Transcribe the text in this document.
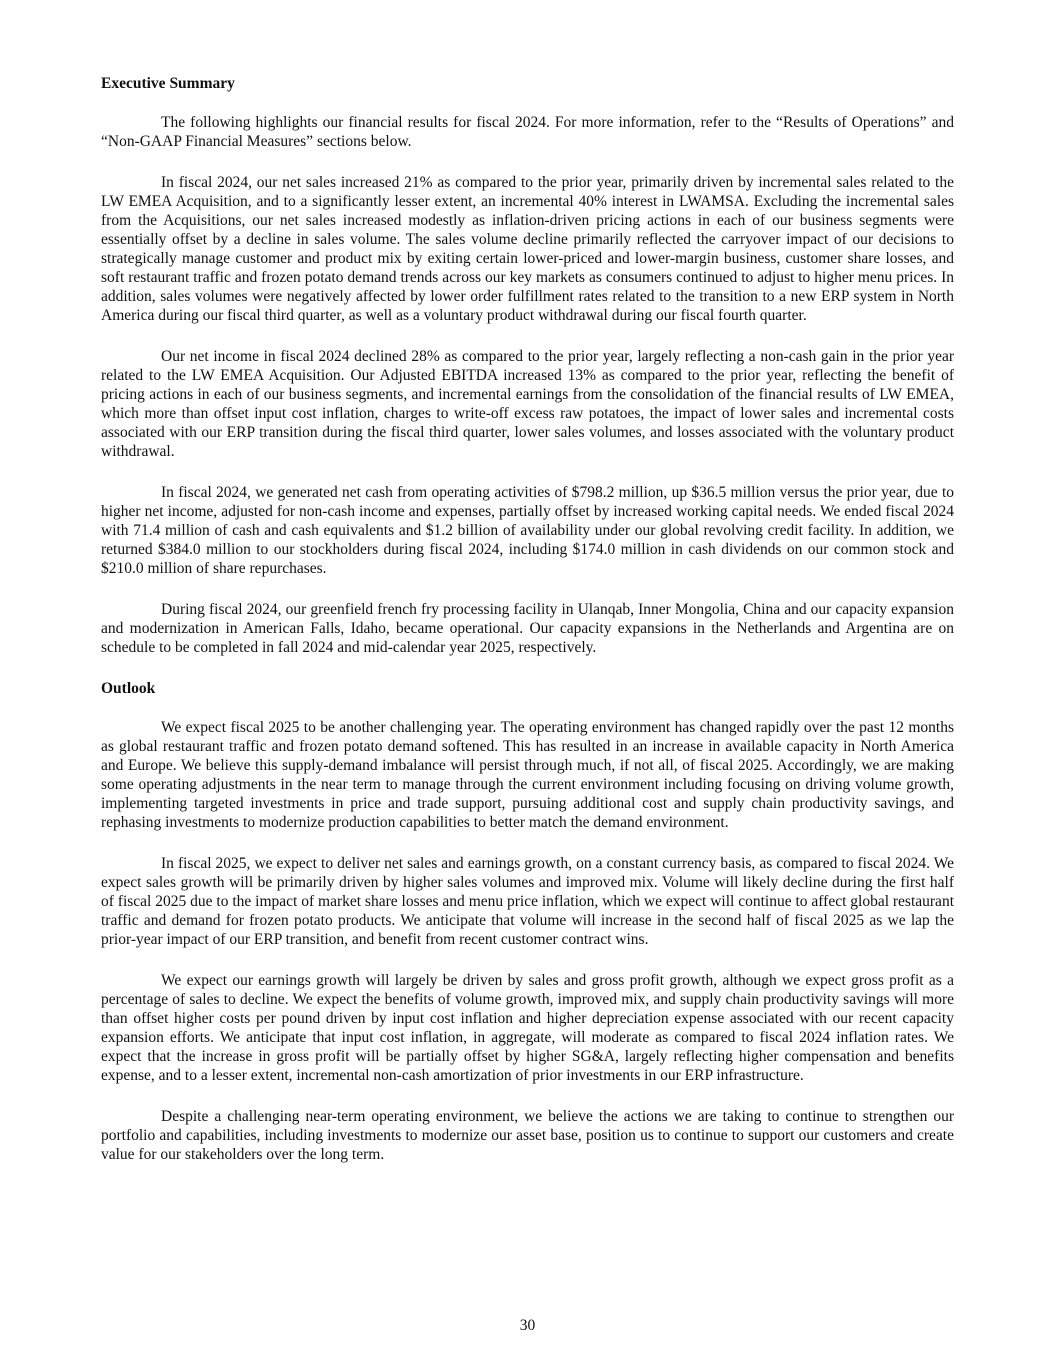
Executive Summary

The following highlights our financial results for fiscal 2024. For more information, refer to the “Results of Operations” and “Non-GAAP Financial Measures” sections below.

In fiscal 2024, our net sales increased 21% as compared to the prior year, primarily driven by incremental sales related to the LW EMEA Acquisition, and to a significantly lesser extent, an incremental 40% interest in LWAMSA. Excluding the incremental sales from the Acquisitions, our net sales increased modestly as inflation-driven pricing actions in each of our business segments were essentially offset by a decline in sales volume. The sales volume decline primarily reflected the carryover impact of our decisions to strategically manage customer and product mix by exiting certain lower-priced and lower-margin business, customer share losses, and soft restaurant traffic and frozen potato demand trends across our key markets as consumers continued to adjust to higher menu prices. In addition, sales volumes were negatively affected by lower order fulfillment rates related to the transition to a new ERP system in North America during our fiscal third quarter, as well as a voluntary product withdrawal during our fiscal fourth quarter.

Our net income in fiscal 2024 declined 28% as compared to the prior year, largely reflecting a non-cash gain in the prior year related to the LW EMEA Acquisition. Our Adjusted EBITDA increased 13% as compared to the prior year, reflecting the benefit of pricing actions in each of our business segments, and incremental earnings from the consolidation of the financial results of LW EMEA, which more than offset input cost inflation, charges to write-off excess raw potatoes, the impact of lower sales and incremental costs associated with our ERP transition during the fiscal third quarter, lower sales volumes, and losses associated with the voluntary product withdrawal.

In fiscal 2024, we generated net cash from operating activities of $798.2 million, up $36.5 million versus the prior year, due to higher net income, adjusted for non-cash income and expenses, partially offset by increased working capital needs. We ended fiscal 2024 with 71.4 million of cash and cash equivalents and $1.2 billion of availability under our global revolving credit facility. In addition, we returned $384.0 million to our stockholders during fiscal 2024, including $174.0 million in cash dividends on our common stock and $210.0 million of share repurchases.

During fiscal 2024, our greenfield french fry processing facility in Ulanqab, Inner Mongolia, China and our capacity expansion and modernization in American Falls, Idaho, became operational. Our capacity expansions in the Netherlands and Argentina are on schedule to be completed in fall 2024 and mid-calendar year 2025, respectively.

Outlook

We expect fiscal 2025 to be another challenging year. The operating environment has changed rapidly over the past 12 months as global restaurant traffic and frozen potato demand softened. This has resulted in an increase in available capacity in North America and Europe. We believe this supply-demand imbalance will persist through much, if not all, of fiscal 2025. Accordingly, we are making some operating adjustments in the near term to manage through the current environment including focusing on driving volume growth, implementing targeted investments in price and trade support, pursuing additional cost and supply chain productivity savings, and rephasing investments to modernize production capabilities to better match the demand environment.

In fiscal 2025, we expect to deliver net sales and earnings growth, on a constant currency basis, as compared to fiscal 2024. We expect sales growth will be primarily driven by higher sales volumes and improved mix. Volume will likely decline during the first half of fiscal 2025 due to the impact of market share losses and menu price inflation, which we expect will continue to affect global restaurant traffic and demand for frozen potato products. We anticipate that volume will increase in the second half of fiscal 2025 as we lap the prior-year impact of our ERP transition, and benefit from recent customer contract wins.

We expect our earnings growth will largely be driven by sales and gross profit growth, although we expect gross profit as a percentage of sales to decline. We expect the benefits of volume growth, improved mix, and supply chain productivity savings will more than offset higher costs per pound driven by input cost inflation and higher depreciation expense associated with our recent capacity expansion efforts. We anticipate that input cost inflation, in aggregate, will moderate as compared to fiscal 2024 inflation rates. We expect that the increase in gross profit will be partially offset by higher SG&A, largely reflecting higher compensation and benefits expense, and to a lesser extent, incremental non-cash amortization of prior investments in our ERP infrastructure.

Despite a challenging near-term operating environment, we believe the actions we are taking to continue to strengthen our portfolio and capabilities, including investments to modernize our asset base, position us to continue to support our customers and create value for our stakeholders over the long term.

30
